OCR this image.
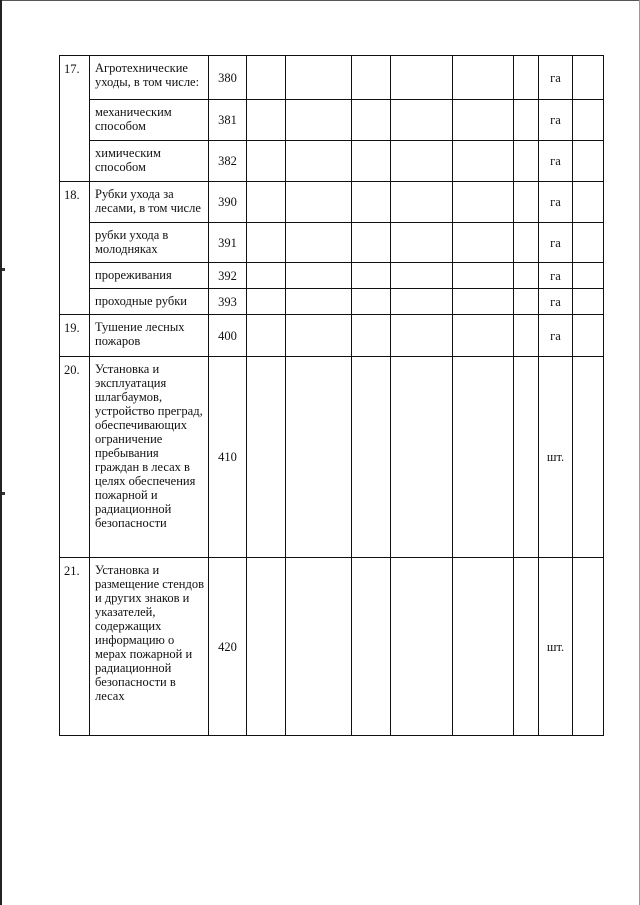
17.	Агротехнические уходы, в том числе:	380							га	
	механическим способом	381							га	
	химическим способом	382							га	
18.	Рубки ухода за лесами, в том числе	390							га	
	рубки ухода в молодняках	391							га	
	прореживания	392							га	
	проходные рубки	393							га	
19.	Тушение лесных пожаров	400							га	
20.	Установка и эксплуатация шлагбаумов, устройство преград, обеспечивающих ограничение пребывания граждан в лесах в целях обеспечения пожарной и радиационной безопасности	410							шт.	
21.	Установка и размещение стендов и других знаков и указателей, содержащих информацию о мерах пожарной и радиационной безопасности в лесах	420							шт.	
